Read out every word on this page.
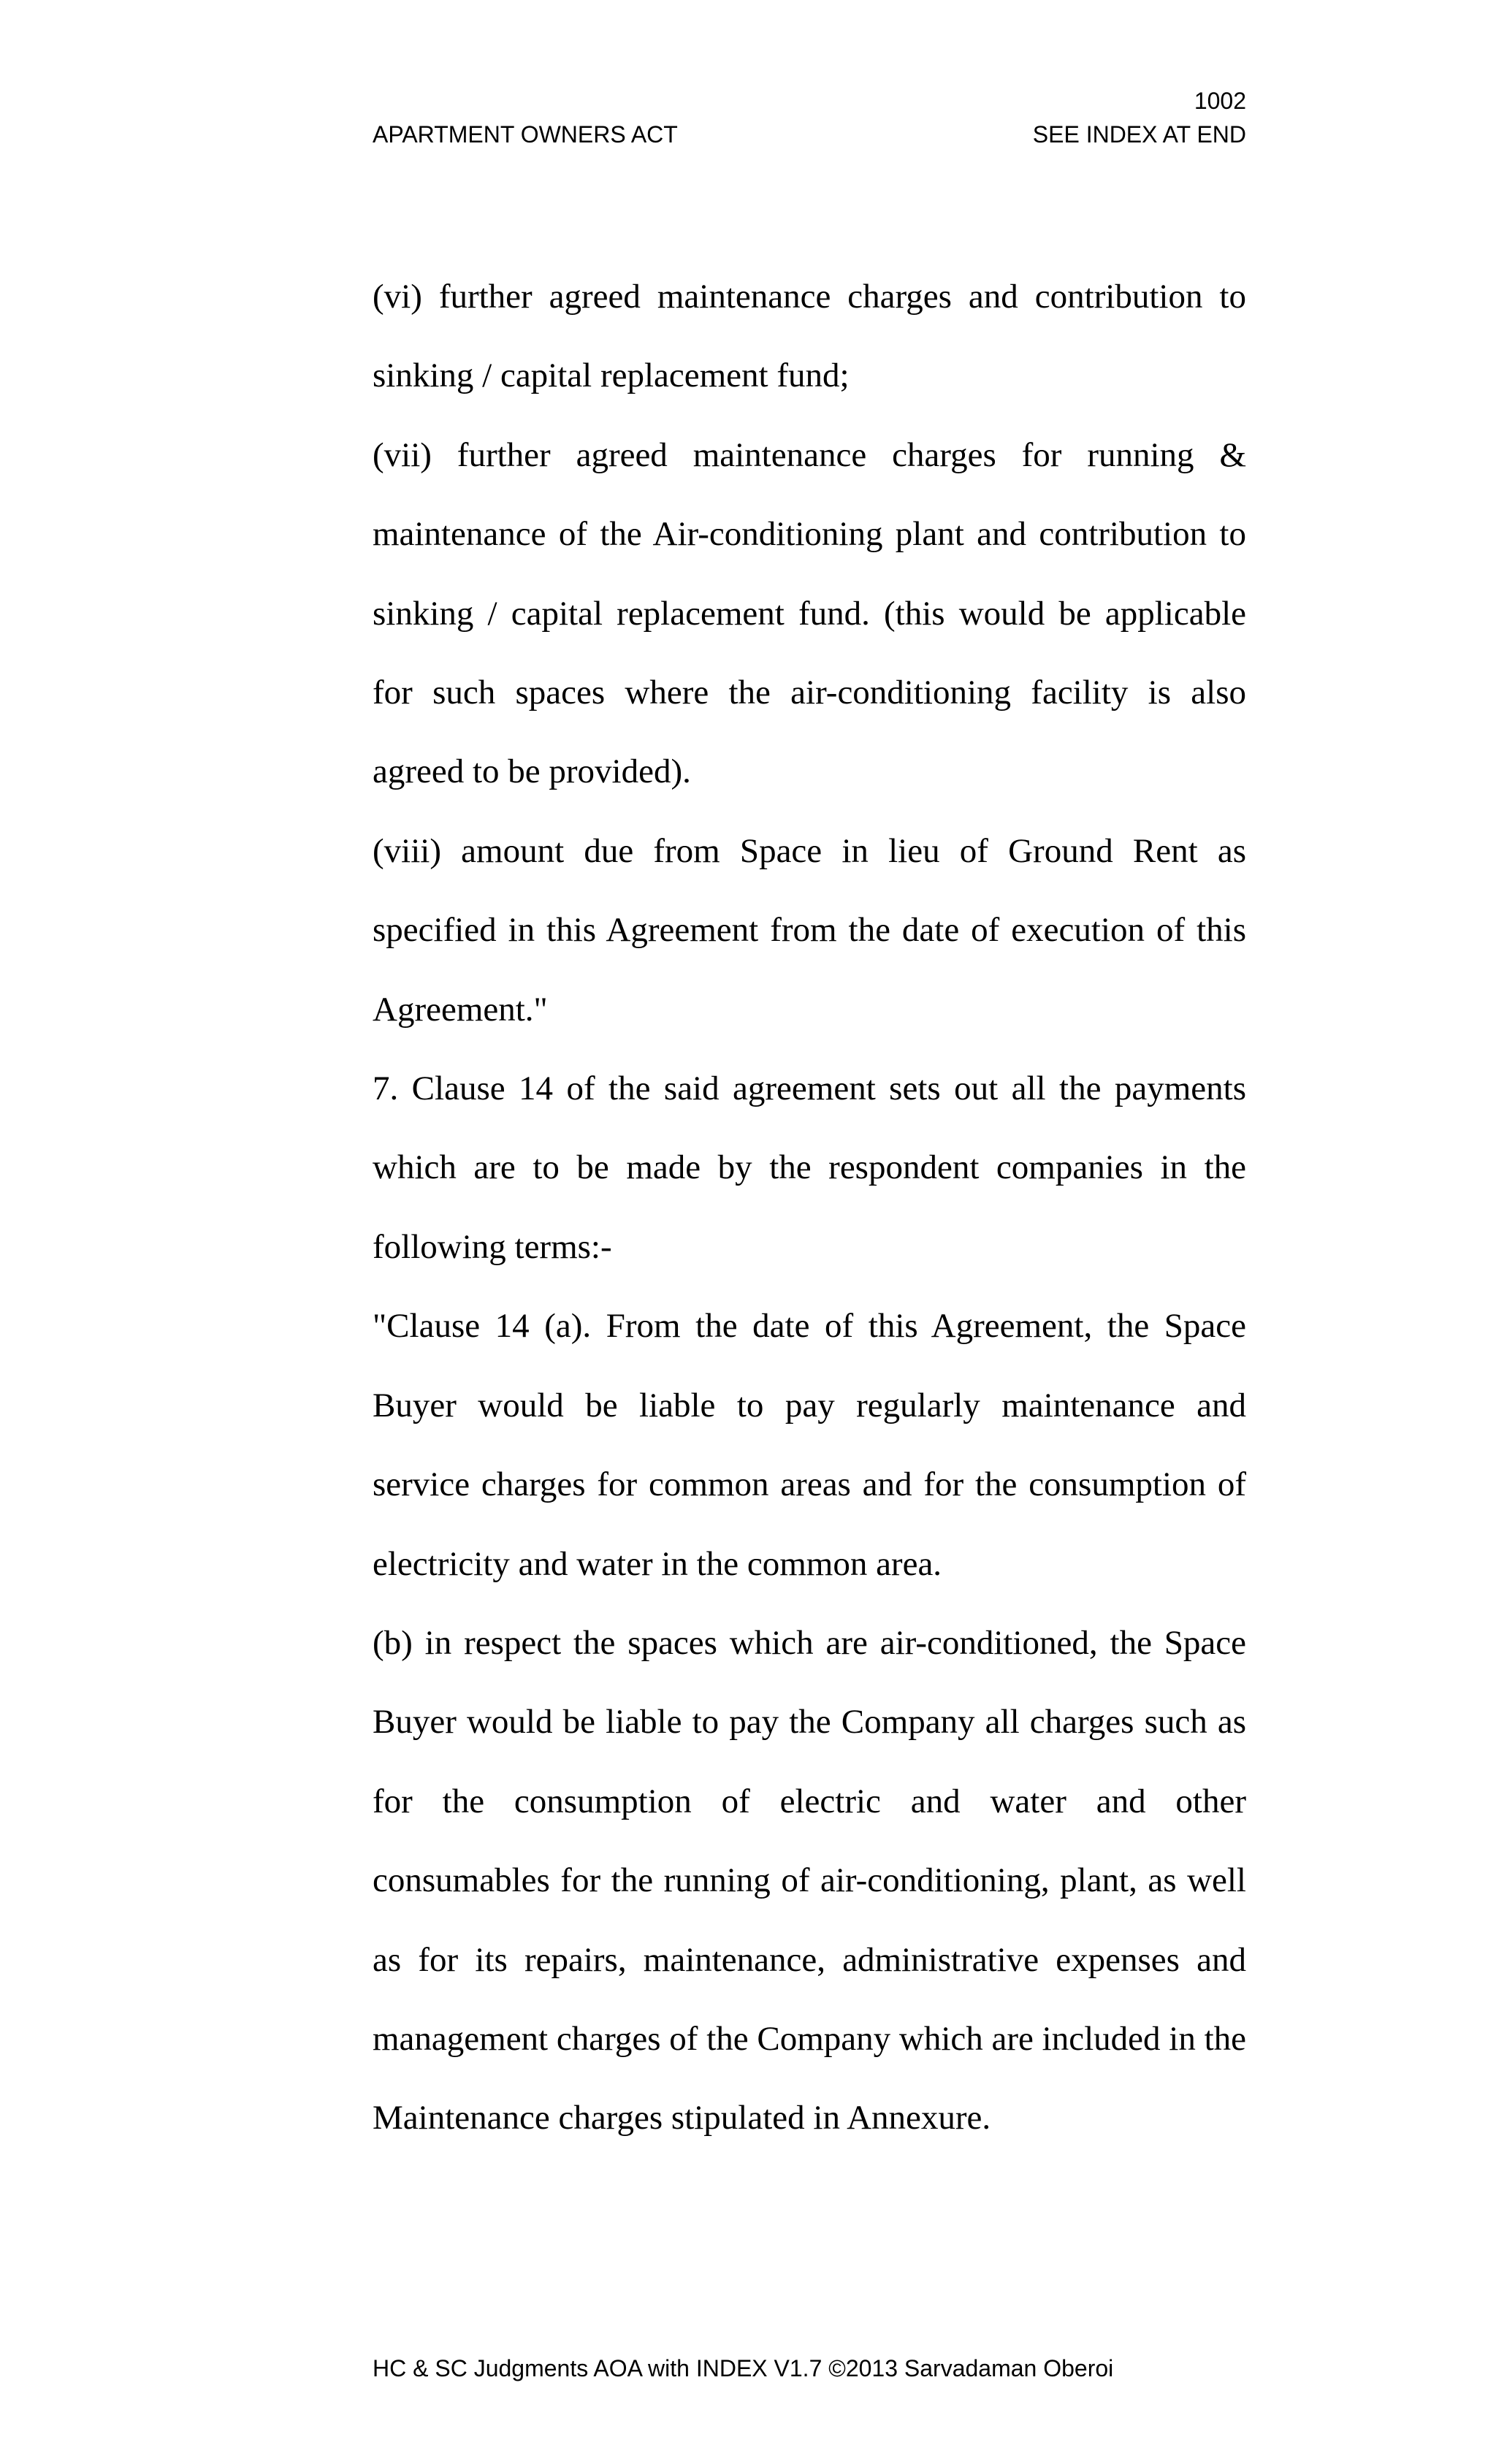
1002

APARTMENT OWNERS ACT	SEE INDEX AT END

(vi) further agreed maintenance charges and contribution to sinking / capital replacement fund;

(vii) further agreed maintenance charges for running & maintenance of the Air-conditioning plant and contribution to sinking / capital replacement fund. (this would be applicable for such spaces where the air-conditioning facility is also agreed to be provided).

(viii) amount due from Space in lieu of Ground Rent as specified in this Agreement from the date of execution of this Agreement."

7. Clause 14 of the said agreement sets out all the payments which are to be made by the respondent companies in the following terms:-

"Clause 14 (a). From the date of this Agreement, the Space Buyer would be liable to pay regularly maintenance and service charges for common areas and for the consumption of electricity and water in the common area.

(b) in respect the spaces which are air-conditioned, the Space Buyer would be liable to pay the Company all charges such as for the consumption of electric and water and other consumables for the running of air-conditioning, plant, as well as for its repairs, maintenance, administrative expenses and management charges of the Company which are included in the Maintenance charges stipulated in Annexure.

HC & SC Judgments AOA with INDEX V1.7 ©2013 Sarvadaman Oberoi
